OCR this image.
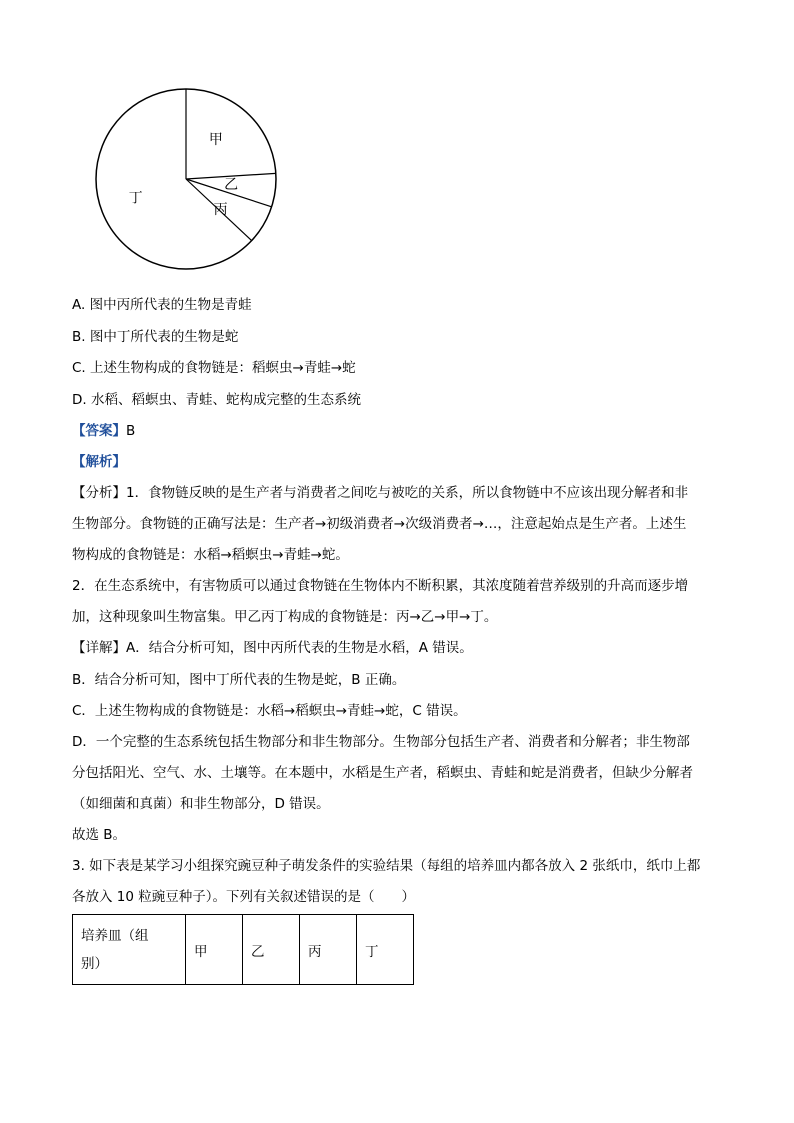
甲
乙
丙
丁
A. 图中丙所代表的生物是青蛙
B. 图中丁所代表的生物是蛇
C. 上述生物构成的食物链是：稻螟虫→青蛙→蛇
D. 水稻、稻螟虫、青蛙、蛇构成完整的生态系统
【答案】B
【解析】
【分析】1．食物链反映的是生产者与消费者之间吃与被吃的关系，所以食物链中不应该出现分解者和非
生物部分。食物链的正确写法是：生产者→初级消费者→次级消费者→…，注意起始点是生产者。上述生
物构成的食物链是：水稻→稻螟虫→青蛙→蛇。
2．在生态系统中，有害物质可以通过食物链在生物体内不断积累，其浓度随着营养级别的升高而逐步增
加，这种现象叫生物富集。甲乙丙丁构成的食物链是：丙→乙→甲→丁。
【详解】A．结合分析可知，图中丙所代表的生物是水稻，A 错误。
B．结合分析可知，图中丁所代表的生物是蛇，B 正确。
C．上述生物构成的食物链是：水稻→稻螟虫→青蛙→蛇，C 错误。
D．一个完整的生态系统包括生物部分和非生物部分。生物部分包括生产者、消费者和分解者；非生物部
分包括阳光、空气、水、土壤等。在本题中，水稻是生产者，稻螟虫、青蛙和蛇是消费者，但缺少分解者
（如细菌和真菌）和非生物部分，D 错误。
故选 B。
3. 如下表是某学习小组探究豌豆种子萌发条件的实验结果（每组的培养皿内都各放入 2 张纸巾，纸巾上都
各放入 10 粒豌豆种子）。下列有关叙述错误的是（　　）
培养皿（组
别）	甲	乙	丙	丁
